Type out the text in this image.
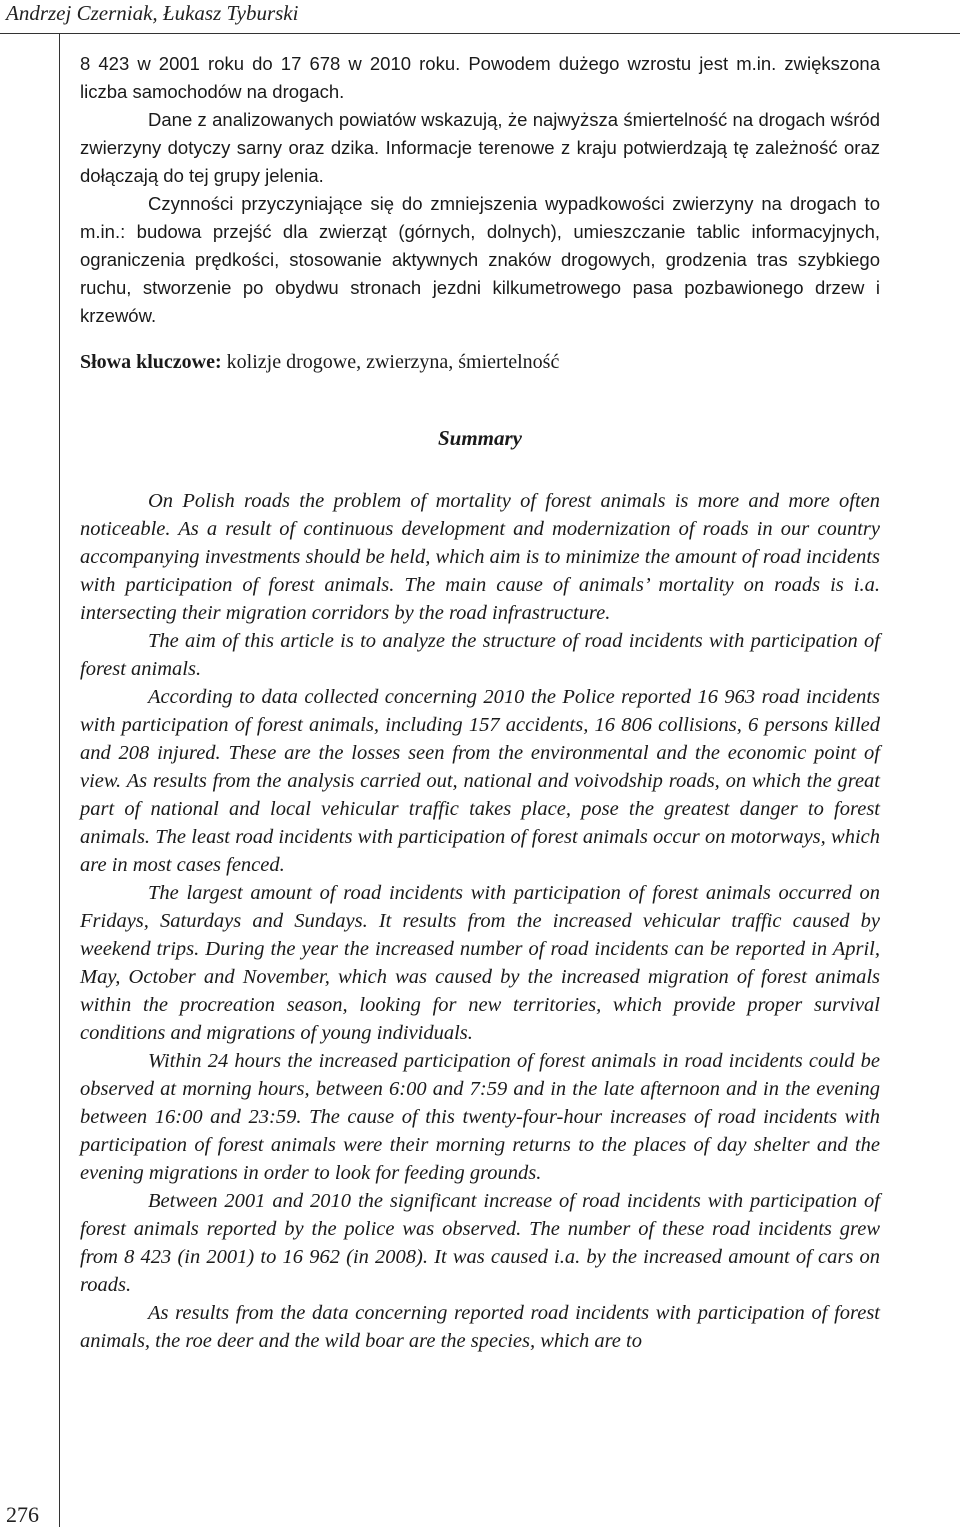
Andrzej Czerniak, Łukasz Tyburski
276

8 423 w 2001 roku do 17 678 w 2010 roku. Powodem dużego wzrostu jest m.in. zwiększona liczba samochodów na drogach.

Dane z analizowanych powiatów wskazują, że najwyższa śmiertelność na drogach wśród zwierzyny dotyczy sarny oraz dzika. Informacje terenowe z kraju potwierdzają tę zależność oraz dołączają do tej grupy jelenia.

Czynności przyczyniające się do zmniejszenia wypadkowości zwierzyny na drogach to m.in.: budowa przejść dla zwierząt (górnych, dolnych), umieszczanie tablic informacyjnych, ograniczenia prędkości, stosowanie aktywnych znaków drogowych, grodzenia tras szybkiego ruchu, stworzenie po obydwu stronach jezdni kilkumetrowego pasa pozbawionego drzew i krzewów.

Słowa kluczowe: kolizje drogowe, zwierzyna, śmiertelność
Summary

On Polish roads the problem of mortality of forest animals is more and more often noticeable. As a result of continuous development and modernization of roads in our country accompanying investments should be held, which aim is to minimize the amount of road incidents with participation of forest animals. The main cause of animals’ mortality on roads is i.a. intersecting their migration corridors by the road infrastructure.

The aim of this article is to analyze the structure of road incidents with participation of forest animals.

According to data collected concerning 2010 the Police reported 16 963 road incidents with participation of forest animals, including 157 accidents, 16 806 collisions, 6 persons killed and 208 injured. These are the losses seen from the environmental and the economic point of view. As results from the analysis carried out, national and voivodship roads, on which the great part of national and local vehicular traffic takes place, pose the greatest danger to forest animals. The least road incidents with participation of forest animals occur on motorways, which are in most cases fenced.

The largest amount of road incidents with participation of forest animals occurred on Fridays, Saturdays and Sundays. It results from the increased vehicular traffic caused by weekend trips. During the year the increased number of road incidents can be reported in April, May, October and November, which was caused by the increased migration of forest animals within the procreation season, looking for new territories, which provide proper survival conditions and migrations of young individuals.

Within 24 hours the increased participation of forest animals in road incidents could be observed at morning hours, between 6:00 and 7:59 and in the late afternoon and in the evening between 16:00 and 23:59. The cause of this twenty-four-hour increases of road incidents with participation of forest animals were their morning returns to the places of day shelter and the evening migrations in order to look for feeding grounds.

Between 2001 and 2010 the significant increase of road incidents with participation of forest animals reported by the police was observed. The number of these road incidents grew from 8 423 (in 2001) to 16 962 (in 2008). It was caused i.a. by the increased amount of cars on roads.

As results from the data concerning reported road incidents with participation of forest animals, the roe deer and the wild boar are the species, which are to
